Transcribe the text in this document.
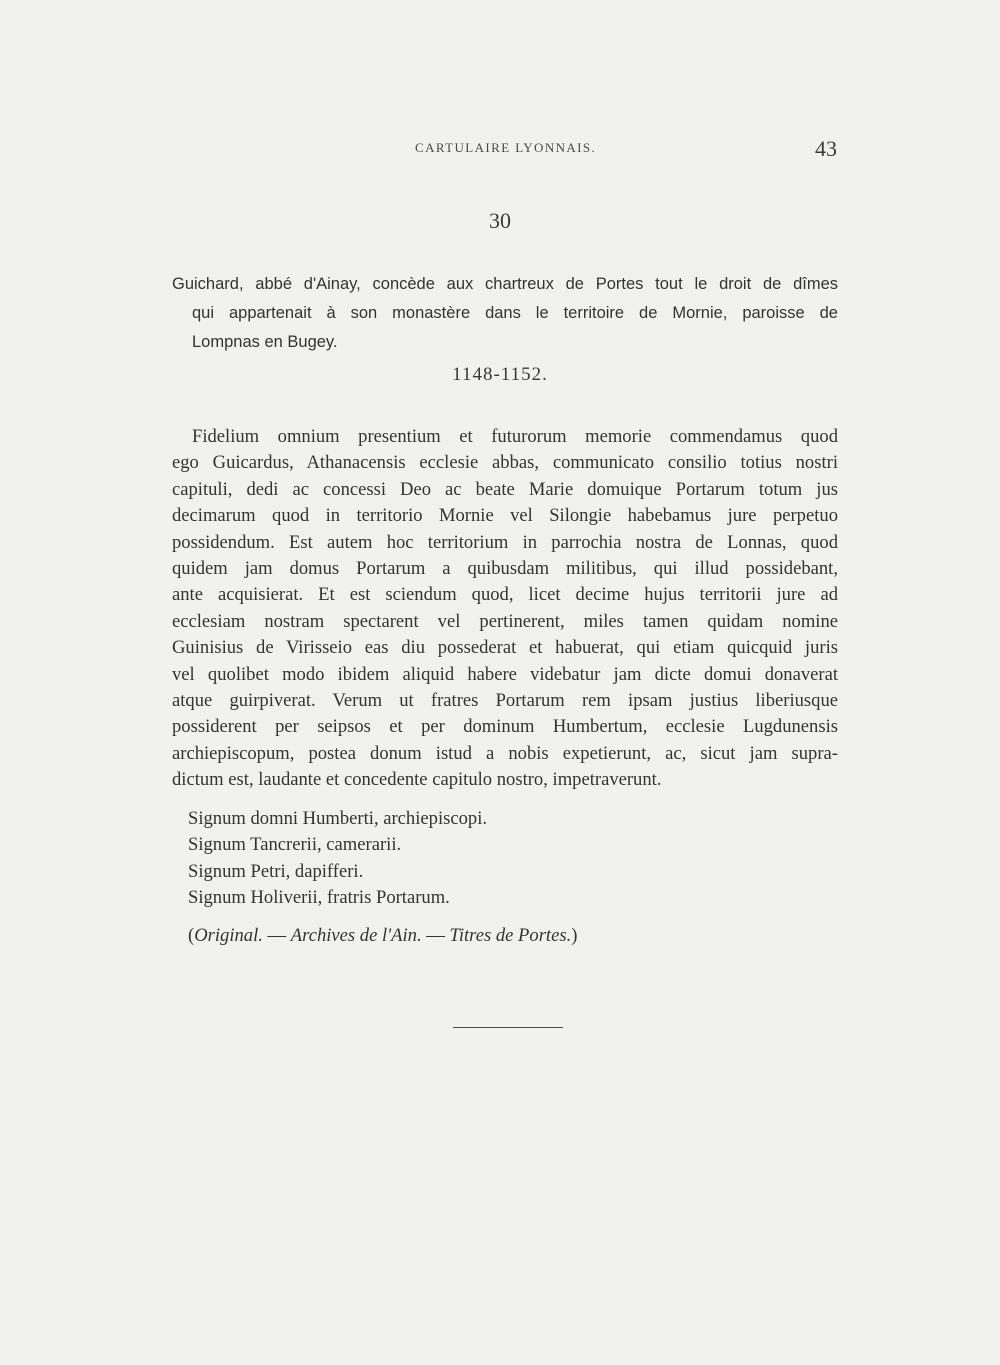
CARTULAIRE LYONNAIS.	43
30
Guichard, abbé d'Ainay, concède aux chartreux de Portes tout le droit de dîmes
qui appartenait à son monastère dans le territoire de Mornie, paroisse de
Lompnas en Bugey.
1148-1152.
Fidelium omnium presentium et futurorum memorie commendamus quod
ego Guicardus, Athanacensis ecclesie abbas, communicato consilio totius nostri
capituli, dedi ac concessi Deo ac beate Marie domuique Portarum totum jus
decimarum quod in territorio Mornie vel Silongie habebamus jure perpetuo
possidendum. Est autem hoc territorium in parrochia nostra de Lonnas, quod
quidem jam domus Portarum a quibusdam militibus, qui illud possidebant,
ante acquisierat. Et est sciendum quod, licet decime hujus territorii jure ad
ecclesiam nostram spectarent vel pertinerent, miles tamen quidam nomine
Guinisius de Virisseio eas diu possederat et habuerat, qui etiam quicquid juris
vel quolibet modo ibidem aliquid habere videbatur jam dicte domui donaverat
atque guirpiverat. Verum ut fratres Portarum rem ipsam justius liberiusque
possiderent per seipsos et per dominum Humbertum, ecclesie Lugdunensis
archiepiscopum, postea donum istud a nobis expetierunt, ac, sicut jam supra-
dictum est, laudante et concedente capitulo nostro, impetraverunt.
Signum domni Humberti, archiepiscopi.
Signum Tancrerii, camerarii.
Signum Petri, dapifferi.
Signum Holiverii, fratris Portarum.
(Original. — Archives de l'Ain. — Titres de Portes.)
